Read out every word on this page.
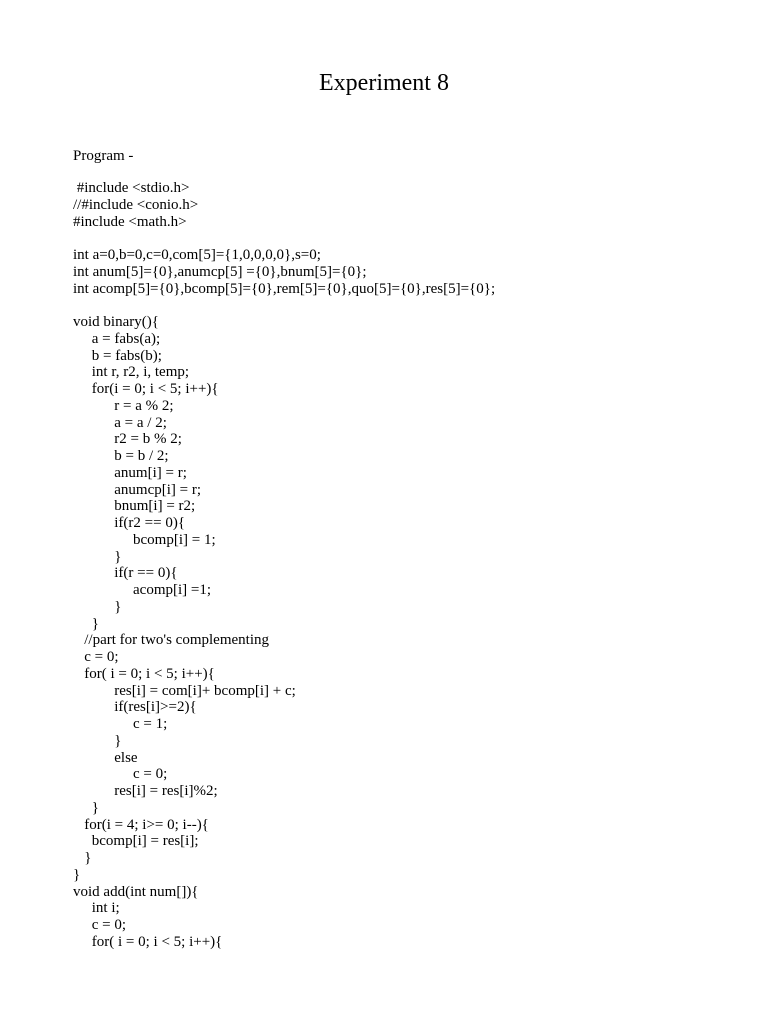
Experiment 8
Program -
#include <stdio.h>
//#include <conio.h>
#include <math.h>
int a=0,b=0,c=0,com[5]={1,0,0,0,0},s=0;
int anum[5]={0},anumcp[5] ={0},bnum[5]={0};
int acomp[5]={0},bcomp[5]={0},rem[5]={0},quo[5]={0},res[5]={0};
void binary(){
a = fabs(a);
b = fabs(b);
int r, r2, i, temp;
for(i = 0; i < 5; i++){
r = a % 2;
a = a / 2;
r2 = b % 2;
b = b / 2;
anum[i] = r;
anumcp[i] = r;
bnum[i] = r2;
if(r2 == 0){
bcomp[i] = 1;
}
if(r == 0){
acomp[i] =1;
}
}
//part for two's complementing
c = 0;
for( i = 0; i < 5; i++){
res[i] = com[i]+ bcomp[i] + c;
if(res[i]>=2){
c = 1;
}
else
c = 0;
res[i] = res[i]%2;
}
for(i = 4; i>= 0; i--){
bcomp[i] = res[i];
}
}
void add(int num[]){
int i;
c = 0;
for( i = 0; i < 5; i++){
